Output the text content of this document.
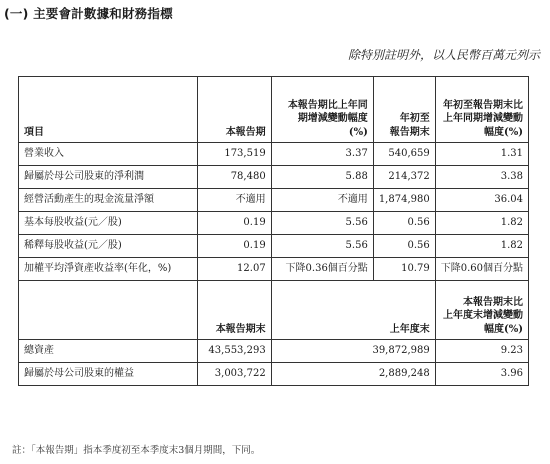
(一) 主要會計數據和財務指標
除特別註明外，以人民幣百萬元列示
項目	本報告期	本報告期比上年同
期增減變動幅度
(%)	年初至
報告期末	年初至報告期末比
上年同期增減變動
幅度(%)

營業收入	173,519	3.37	540,659	1.31
歸屬於母公司股東的淨利潤	78,480	5.88	214,372	3.38
經營活動產生的現金流量淨額	不適用	不適用	1,874,980	36.04
基本每股收益(元／股)	0.19	5.56	0.56	1.82
稀釋每股收益(元／股)	0.19	5.56	0.56	1.82
加權平均淨資產收益率(年化，%)	12.07	下降0.36個百分點	10.79	下降0.60個百分點
	本報告期末	上年度末		本報告期末比
上年度末增減變動
幅度(%)

總資產	43,553,293	39,872,989		9.23
歸屬於母公司股東的權益	3,003,722	2,889,248		3.96
註：「本報告期」指本季度初至本季度末3個月期間，下同。
